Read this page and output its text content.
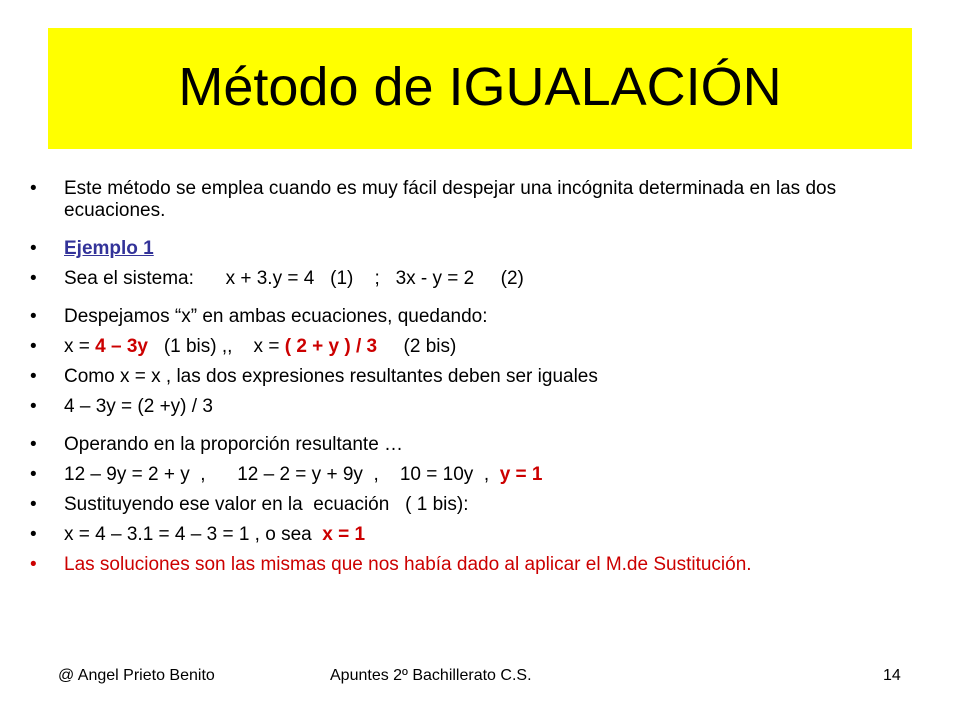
Método de IGUALACIÓN
• Este método se emplea cuando es muy fácil despejar una incógnita determinada en las dos ecuaciones.
• Ejemplo 1
• Sea el sistema:      x + 3.y = 4   (1)    ;   3x - y = 2     (2)
• Despejamos “x” en ambas ecuaciones, quedando:
• x = 4 – 3y   (1 bis) ,,    x = ( 2 + y ) / 3     (2 bis)
• Como x = x , las dos expresiones resultantes deben ser iguales
• 4 – 3y = (2 +y) / 3
• Operando en la proporción resultante …
• 12 – 9y = 2 + y  ,      12 – 2 = y + 9y  ,    10 = 10y  ,  y = 1
• Sustituyendo ese valor en la  ecuación   ( 1 bis):
• x = 4 – 3.1 = 4 – 3 = 1 , o sea  x = 1
• Las soluciones son las mismas que nos había dado al aplicar el M.de Sustitución.
@ Angel Prieto Benito	Apuntes 2º Bachillerato C.S.	14
